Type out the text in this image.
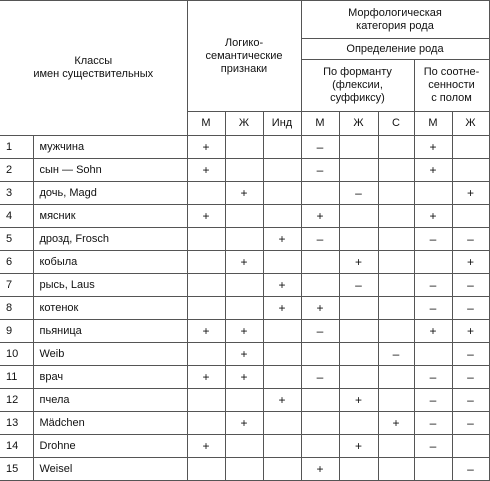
Классы
имен существительных		Логико-
семантические
признаки			Морфологическая
категория рода				
					Определение рода				
					По форманту
(флексии,
суффиксу)			По соотне-
сенности
с полом	
		М	Ж	Инд	М	Ж	С	М	Ж
1	мужчина	+			–			+	
2	сын — Sohn	+			–			+	
3	дочь, Magd		+			–			+
4	мясник	+			+			+	
5	дрозд, Frosch			+	–			–	–
6	кобыла		+			+			+
7	рысь, Laus			+		–		–	–
8	котенок			+	+			–	–
9	пьяница	+	+		–			+	+
10	Weib		+				–		–
11	врач	+	+		–			–	–
12	пчела			+		+		–	–
13	Mädchen		+				+	–	–
14	Drohne	+				+		–	
15	Weisel				+				–
